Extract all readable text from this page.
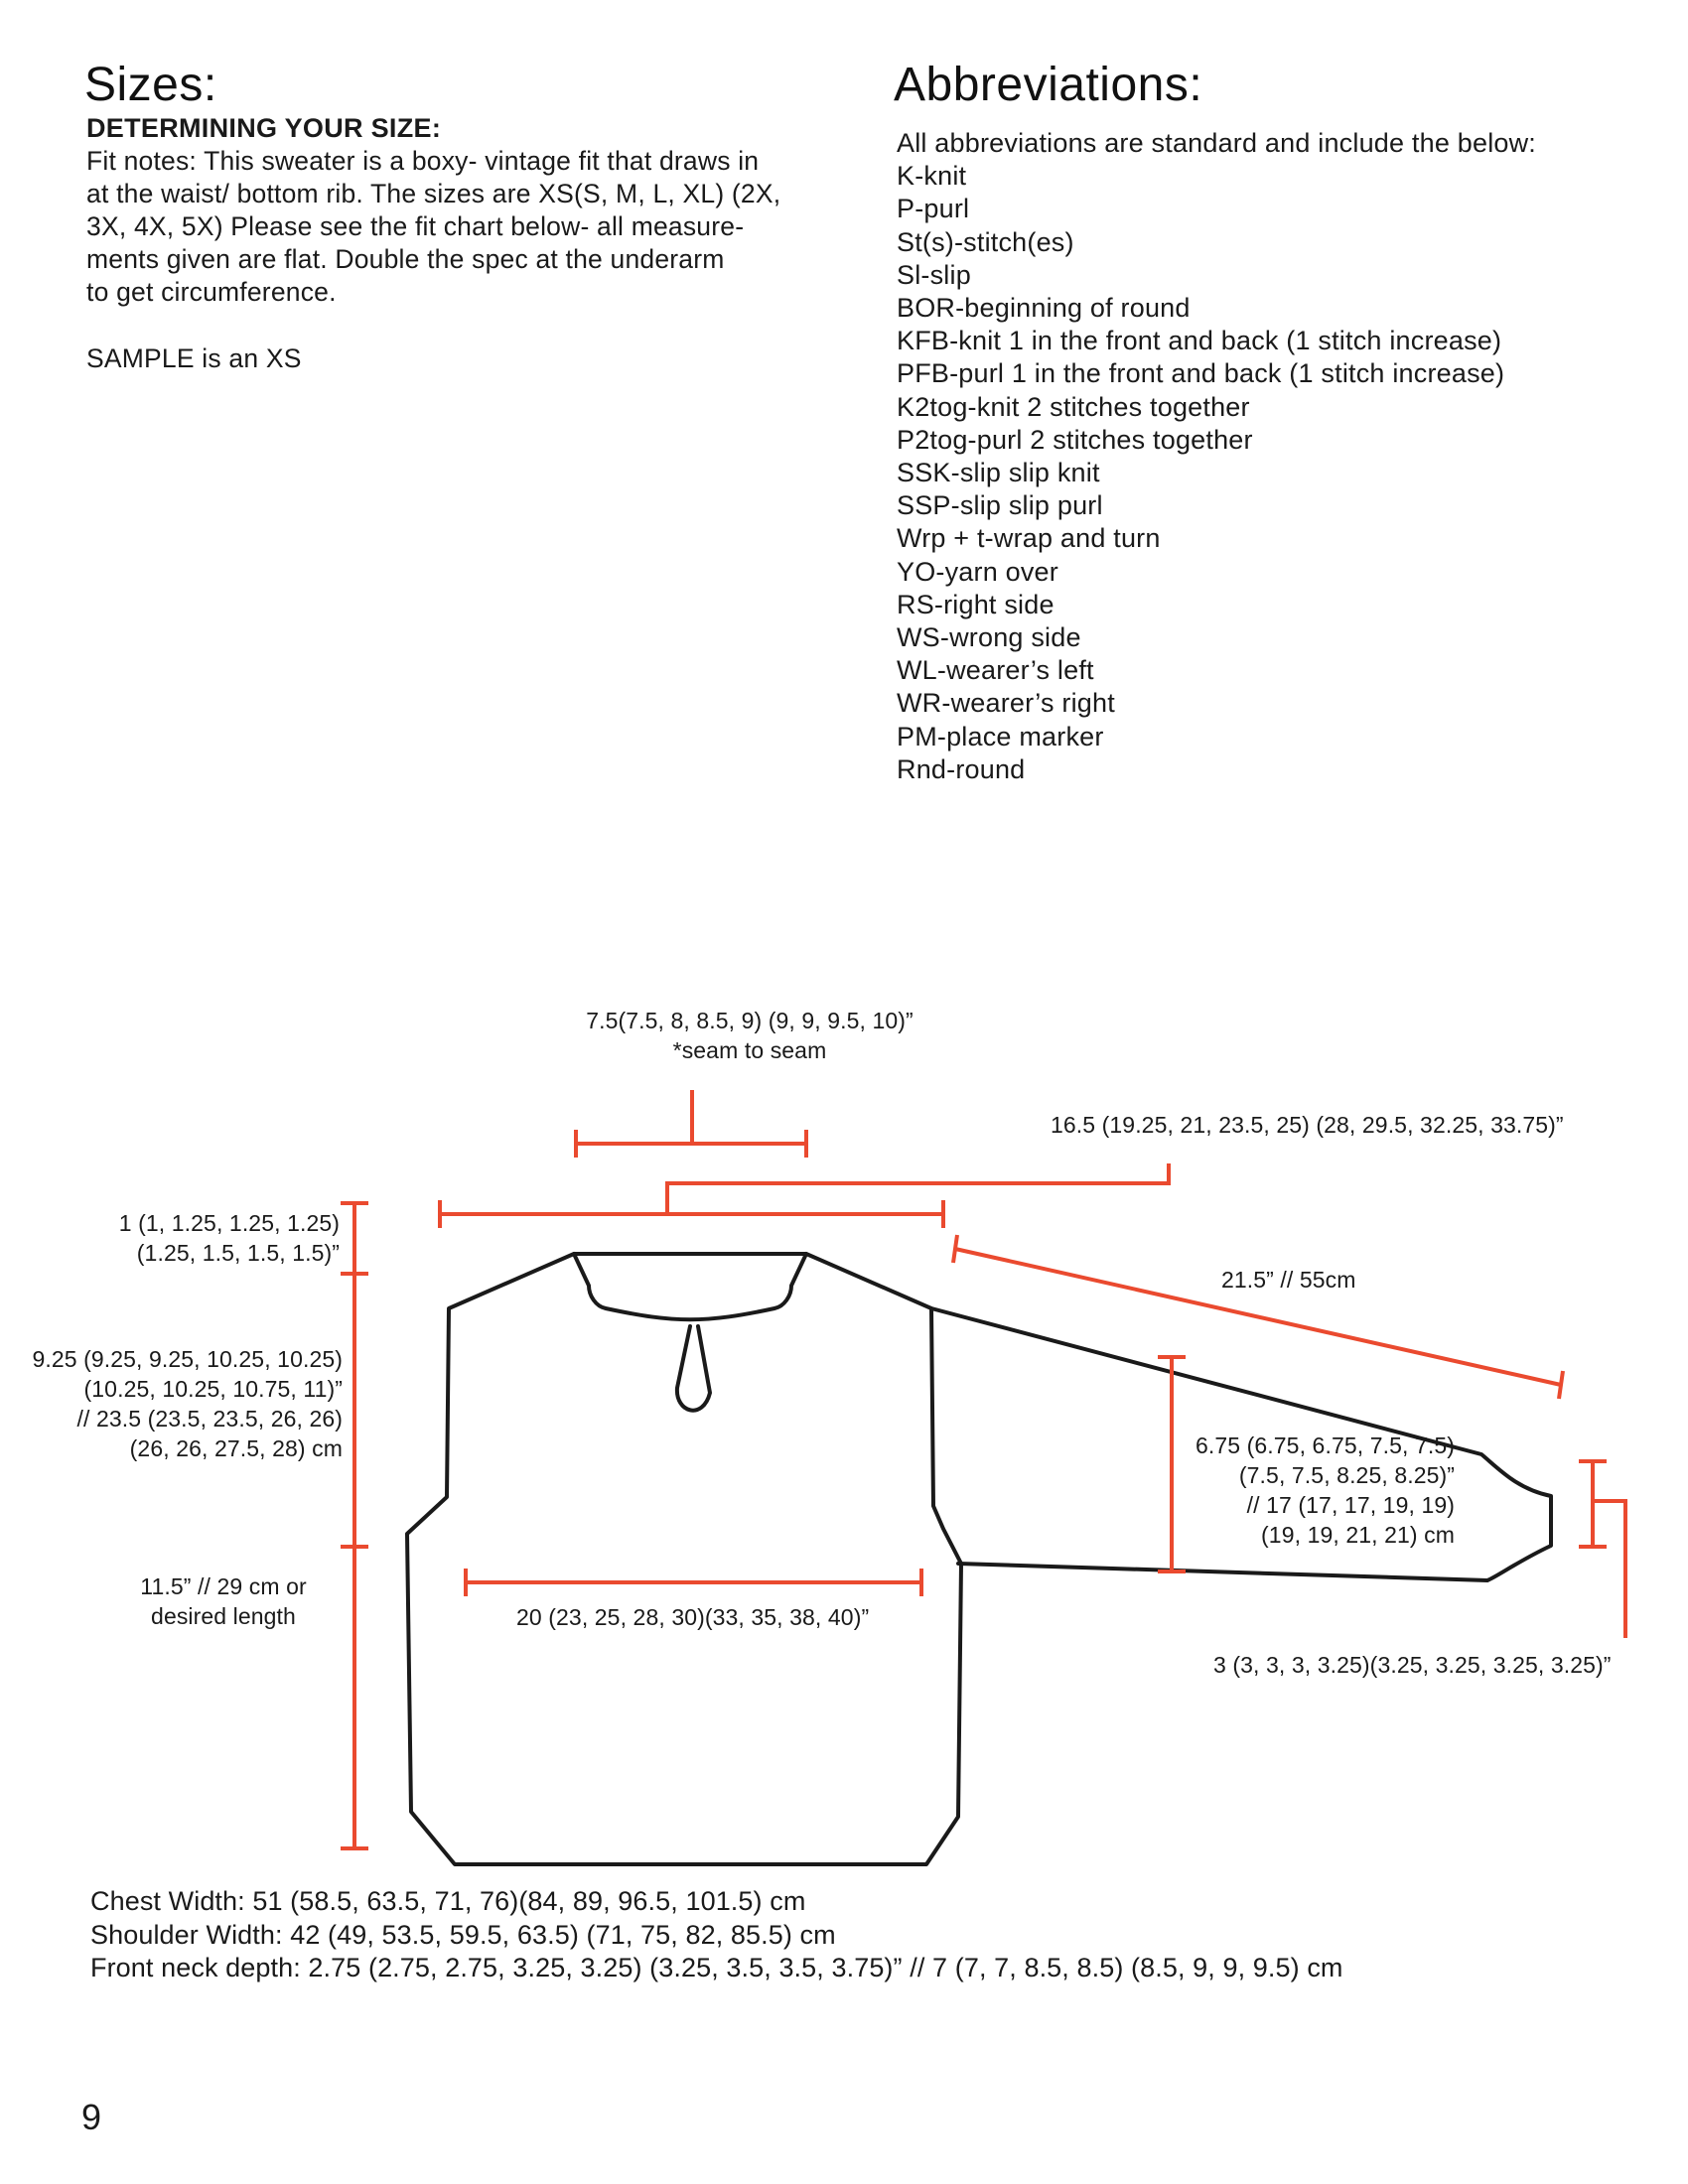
Sizes:
DETERMINING YOUR SIZE:

Fit notes: This sweater is a boxy- vintage fit that draws in

at the waist/ bottom rib. The sizes are XS(S, M, L, XL) (2X,

3X, 4X, 5X) Please see the fit chart below- all measure-

ments given are flat. Double the spec at the underarm

to get circumference.

SAMPLE is an XS
Abbreviations:
All abbreviations are standard and include the below:
K-knit
P-purl
St(s)-stitch(es)
Sl-slip
BOR-beginning of round
KFB-knit 1 in the front and back (1 stitch increase)
PFB-purl 1 in the front and back (1 stitch increase)
K2tog-knit 2 stitches together
P2tog-purl 2 stitches together
SSK-slip slip knit
SSP-slip slip purl
Wrp + t-wrap and turn
YO-yarn over
RS-right side
WS-wrong side
WL-wearer’s left
WR-wearer’s right
PM-place marker
Rnd-round
7.5(7.5, 8, 8.5, 9) (9, 9, 9.5, 10)”
*seam to seam
16.5 (19.25, 21, 23.5, 25) (28, 29.5, 32.25, 33.75)”
1 (1, 1.25, 1.25, 1.25)
(1.25, 1.5, 1.5, 1.5)”
21.5” // 55cm
9.25 (9.25, 9.25, 10.25, 10.25)
(10.25, 10.25, 10.75, 11)”
// 23.5 (23.5, 23.5, 26, 26)
(26, 26, 27.5, 28) cm	6.75 (6.75, 6.75, 7.5, 7.5)
(7.5, 7.5, 8.25, 8.25)”
// 17 (17, 17, 19, 19)
(19, 19, 21, 21) cm
11.5” // 29 cm or
desired length	20 (23, 25, 28, 30)(33, 35, 38, 40)”
3 (3, 3, 3, 3.25)(3.25, 3.25, 3.25, 3.25)”
Chest Width: 51 (58.5, 63.5, 71, 76)(84, 89, 96.5, 101.5) cm
Shoulder Width: 42 (49, 53.5, 59.5, 63.5) (71, 75, 82, 85.5) cm
Front neck depth: 2.75 (2.75, 2.75, 3.25, 3.25) (3.25, 3.5, 3.5, 3.75)” // 7 (7, 7, 8.5, 8.5) (8.5, 9, 9, 9.5) cm
9
